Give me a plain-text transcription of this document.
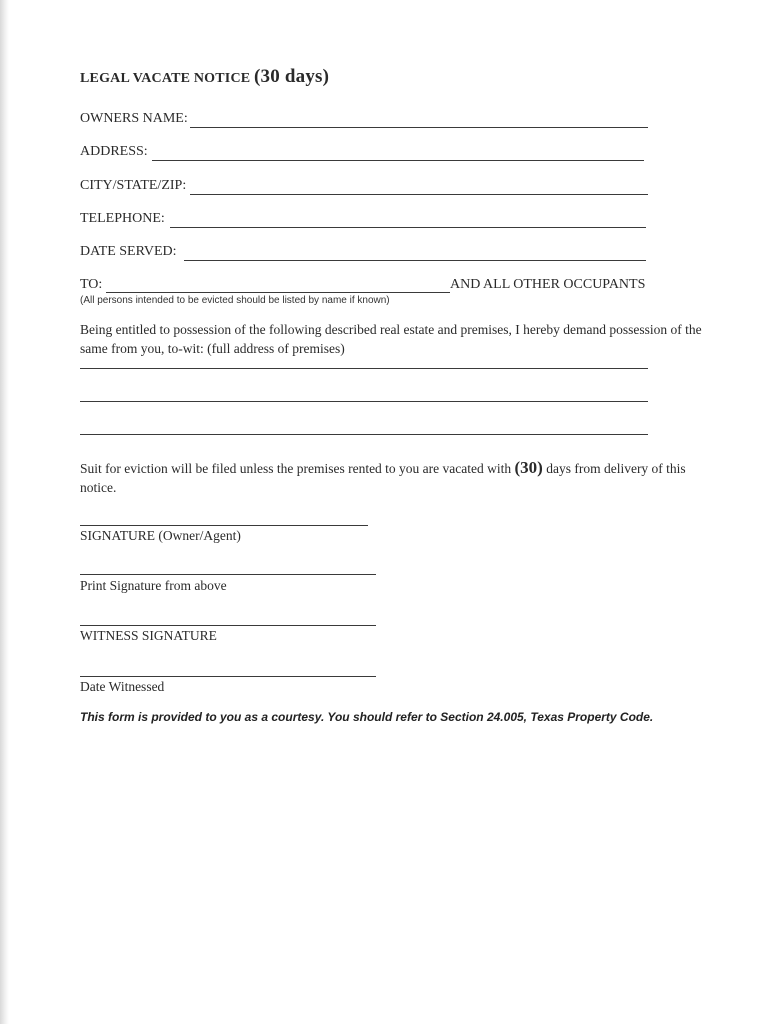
LEGAL VACATE NOTICE (30 days)
OWNERS NAME:
ADDRESS:
CITY/STATE/ZIP:
TELEPHONE:
DATE SERVED:
TO:	AND ALL OTHER OCCUPANTS
(All persons intended to be evicted should be listed by name if known)
Being entitled to possession of the following described real estate and premises, I hereby demand possession of the same from you, to-wit: (full address of premises)
Suit for eviction will be filed unless the premises rented to you are vacated with (30) days from delivery of this notice.
SIGNATURE (Owner/Agent)
Print Signature from above
WITNESS SIGNATURE
Date Witnessed
This form is provided to you as a courtesy. You should refer to Section 24.005, Texas Property Code.
